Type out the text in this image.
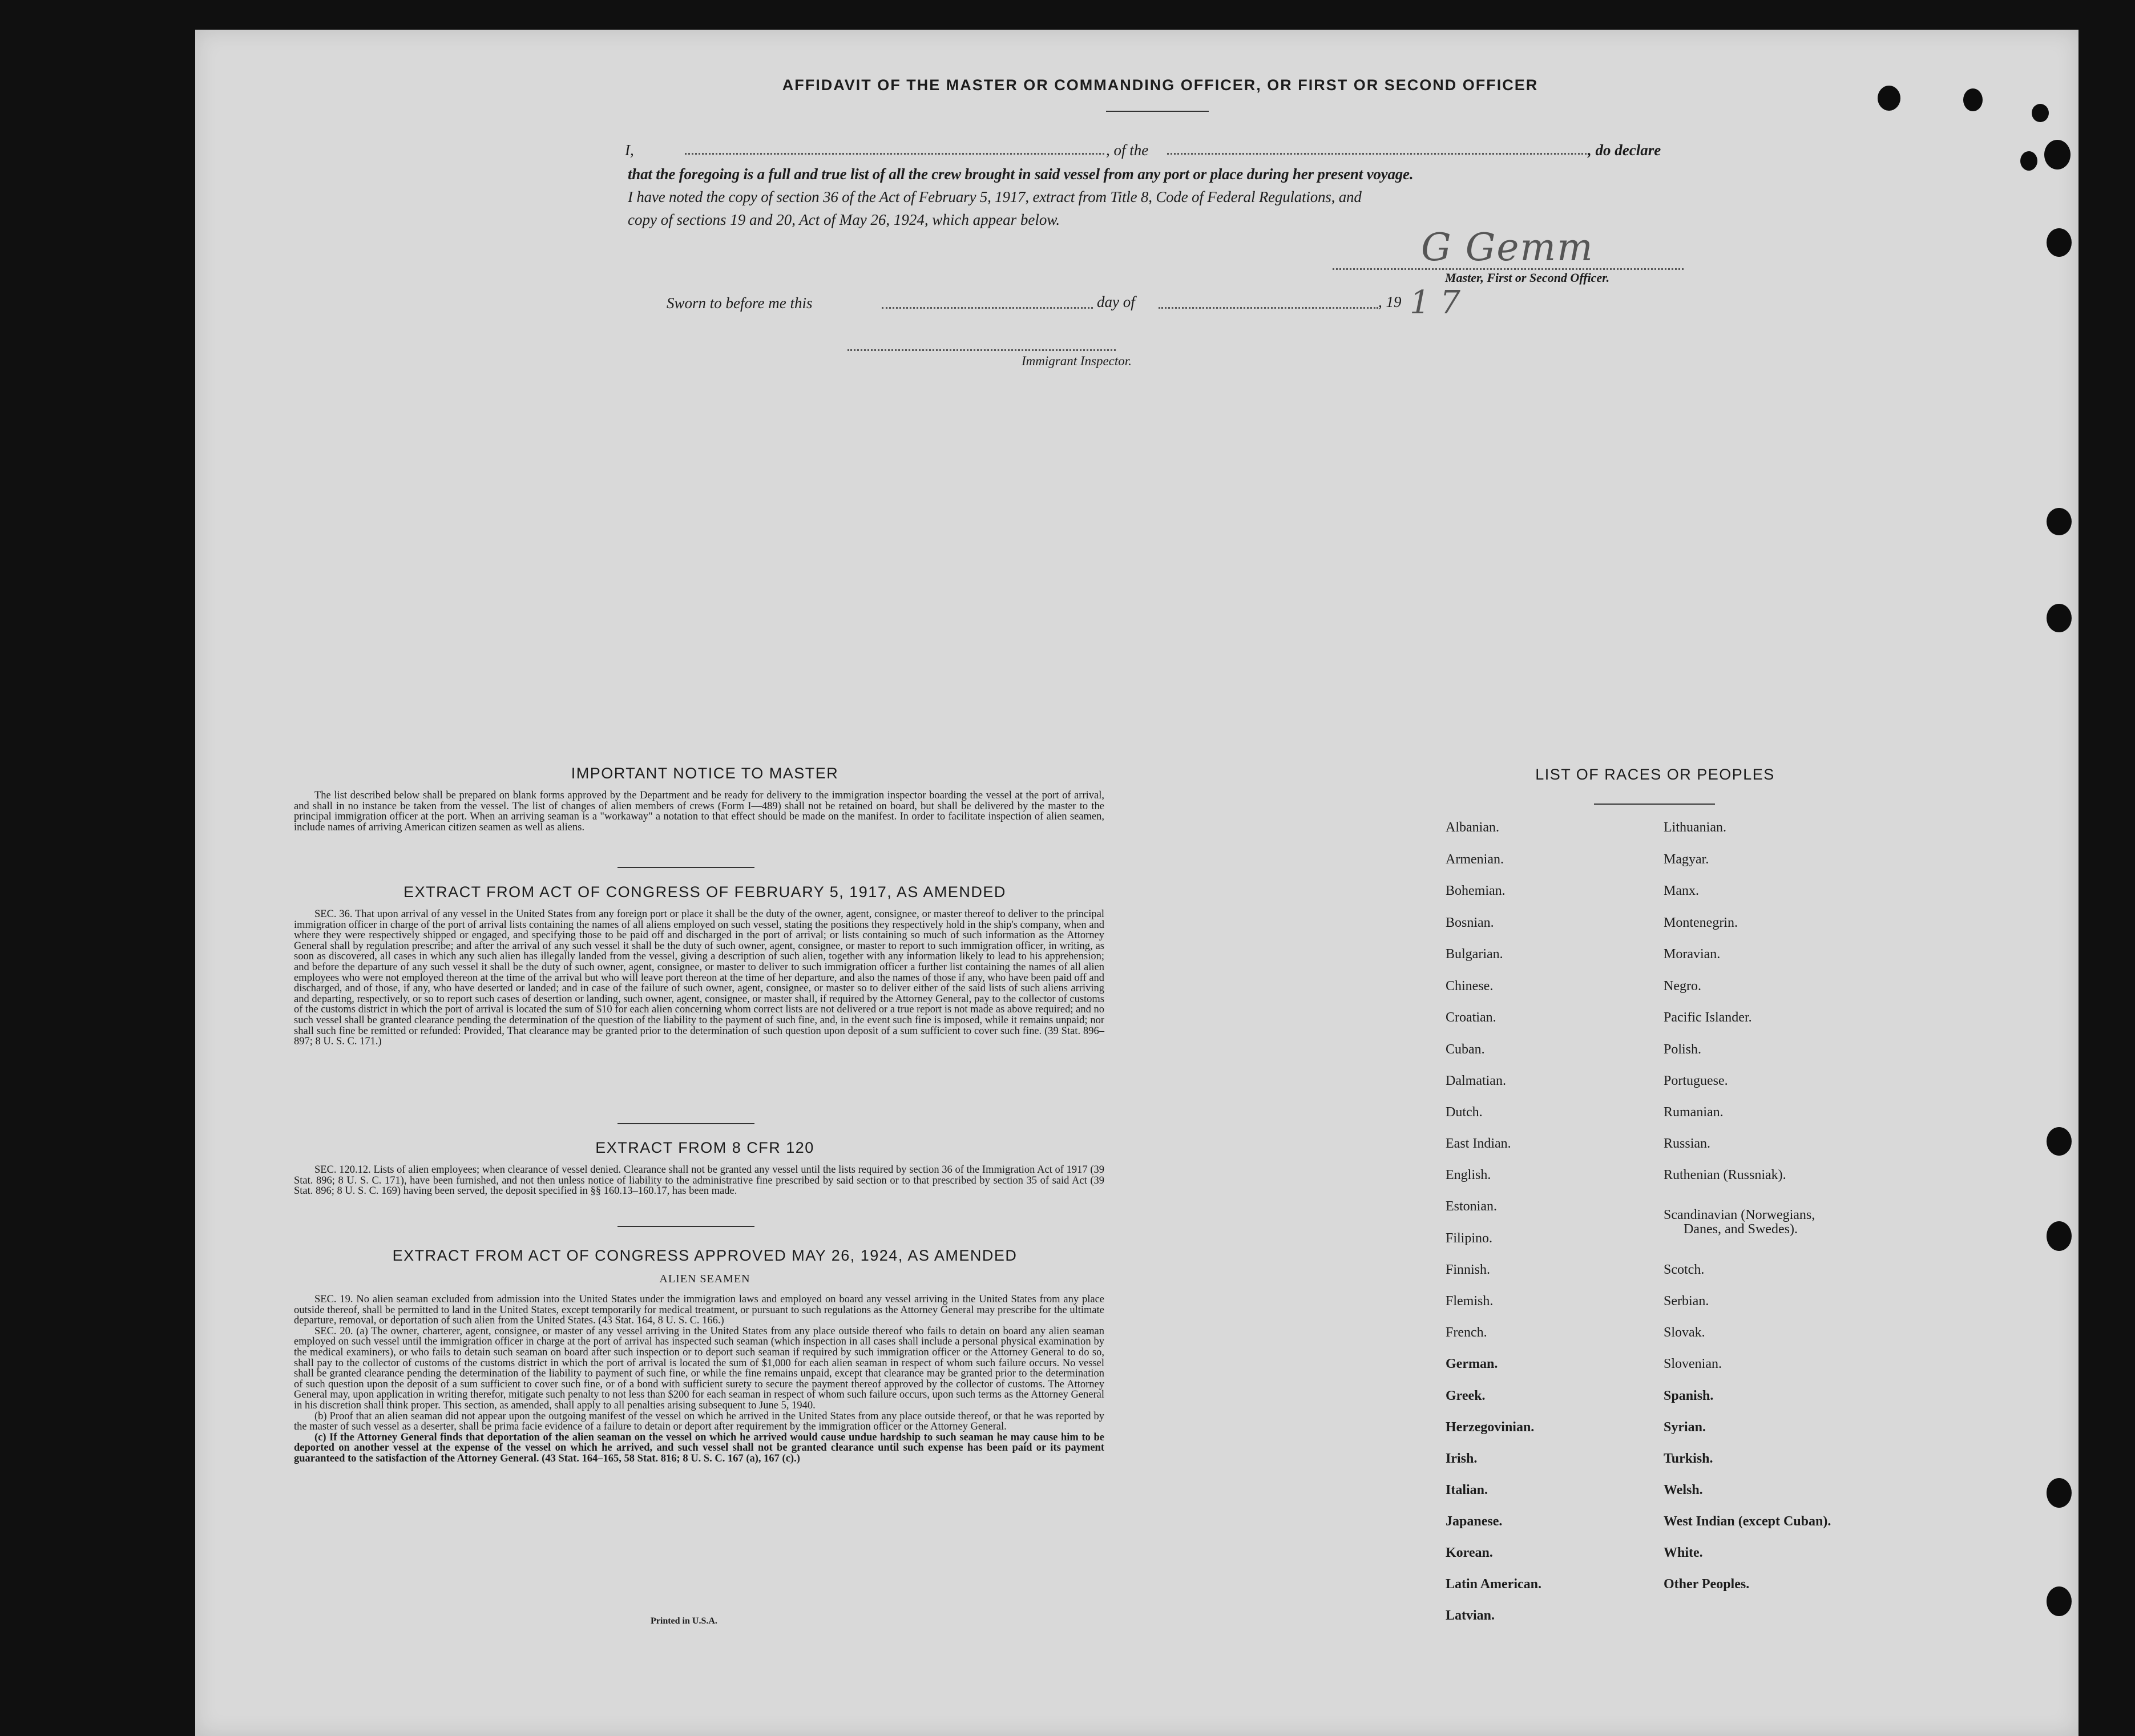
AFFIDAVIT OF THE MASTER OR COMMANDING OFFICER, OR FIRST OR SECOND OFFICER
I,	, of the	, do declare
that the foregoing is a full and true list of all the crew brought in said vessel from any port or place during her present voyage.
I have noted the copy of section 36 of the Act of February 5, 1917, extract from Title 8, Code of Federal Regulations, and
copy of sections 19 and 20, Act of May 26, 1924, which appear below.
G Gemm
Master, First or Second Officer.
Sworn to before me this	day of	, 19 1 7
Immigrant Inspector.
IMPORTANT NOTICE TO MASTER

The list described below shall be prepared on blank forms approved by the Department and be ready for delivery to the immigration inspector boarding the vessel at the port of arrival, and shall in no instance be taken from the vessel. The list of changes of alien members of crews (Form I—489) shall not be retained on board, but shall be delivered by the master to the principal immigration officer at the port. When an arriving seaman is a "workaway" a notation to that effect should be made on the manifest. In order to facilitate inspection of alien seamen, include names of arriving American citizen seamen as well as aliens.

EXTRACT FROM ACT OF CONGRESS OF FEBRUARY 5, 1917, AS AMENDED

SEC. 36. That upon arrival of any vessel in the United States from any foreign port or place it shall be the duty of the owner, agent, consignee, or master thereof to deliver to the principal immigration officer in charge of the port of arrival lists containing the names of all aliens employed on such vessel, stating the positions they respectively hold in the ship's company, when and where they were respectively shipped or engaged, and specifying those to be paid off and discharged in the port of arrival; or lists containing so much of such information as the Attorney General shall by regulation prescribe; and after the arrival of any such vessel it shall be the duty of such owner, agent, consignee, or master to report to such immigration officer, in writing, as soon as discovered, all cases in which any such alien has illegally landed from the vessel, giving a description of such alien, together with any information likely to lead to his apprehension; and before the departure of any such vessel it shall be the duty of such owner, agent, consignee, or master to deliver to such immigration officer a further list containing the names of all alien employees who were not employed thereon at the time of the arrival but who will leave port thereon at the time of her departure, and also the names of those if any, who have been paid off and discharged, and of those, if any, who have deserted or landed; and in case of the failure of such owner, agent, consignee, or master so to deliver either of the said lists of such aliens arriving and departing, respectively, or so to report such cases of desertion or landing, such owner, agent, consignee, or master shall, if required by the Attorney General, pay to the collector of customs of the customs district in which the port of arrival is located the sum of $10 for each alien concerning whom correct lists are not delivered or a true report is not made as above required; and no such vessel shall be granted clearance pending the determination of the question of the liability to the payment of such fine, and, in the event such fine is imposed, while it remains unpaid; nor shall such fine be remitted or refunded: Provided, That clearance may be granted prior to the determination of such question upon deposit of a sum sufficient to cover such fine. (39 Stat. 896–897; 8 U. S. C. 171.)

EXTRACT FROM 8 CFR 120

SEC. 120.12. Lists of alien employees; when clearance of vessel denied. Clearance shall not be granted any vessel until the lists required by section 36 of the Immigration Act of 1917 (39 Stat. 896; 8 U. S. C. 171), have been furnished, and not then unless notice of liability to the administrative fine prescribed by said section or to that prescribed by section 35 of said Act (39 Stat. 896; 8 U. S. C. 169) having been served, the deposit specified in §§ 160.13–160.17, has been made.

EXTRACT FROM ACT OF CONGRESS APPROVED MAY 26, 1924, AS AMENDED
ALIEN SEAMEN

SEC. 19. No alien seaman excluded from admission into the United States under the immigration laws and employed on board any vessel arriving in the United States from any place outside thereof, shall be permitted to land in the United States, except temporarily for medical treatment, or pursuant to such regulations as the Attorney General may prescribe for the ultimate departure, removal, or deportation of such alien from the United States. (43 Stat. 164, 8 U. S. C. 166.)

SEC. 20. (a) The owner, charterer, agent, consignee, or master of any vessel arriving in the United States from any place outside thereof who fails to detain on board any alien seaman employed on such vessel until the immigration officer in charge at the port of arrival has inspected such seaman (which inspection in all cases shall include a personal physical examination by the medical examiners), or who fails to detain such seaman on board after such inspection or to deport such seaman if required by such immigration officer or the Attorney General to do so, shall pay to the collector of customs of the customs district in which the port of arrival is located the sum of $1,000 for each alien seaman in respect of whom such failure occurs. No vessel shall be granted clearance pending the determination of the liability to payment of such fine, or while the fine remains unpaid, except that clearance may be granted prior to the determination of such question upon the deposit of a sum sufficient to cover such fine, or of a bond with sufficient surety to secure the payment thereof approved by the collector of customs. The Attorney General may, upon application in writing therefor, mitigate such penalty to not less than $200 for each seaman in respect of whom such failure occurs, upon such terms as the Attorney General in his discretion shall think proper. This section, as amended, shall apply to all penalties arising subsequent to June 5, 1940.

(b) Proof that an alien seaman did not appear upon the outgoing manifest of the vessel on which he arrived in the United States from any place outside thereof, or that he was reported by the master of such vessel as a deserter, shall be prima facie evidence of a failure to detain or deport after requirement by the immigration officer or the Attorney General.

(c) If the Attorney General finds that deportation of the alien seaman on the vessel on which he arrived would cause undue hardship to such seaman he may cause him to be deported on another vessel at the expense of the vessel on which he arrived, and such vessel shall not be granted clearance until such expense has been paid or its payment guaranteed to the satisfaction of the Attorney General. (43 Stat. 164–165, 58 Stat. 816; 8 U. S. C. 167 (a), 167 (c).)

Printed in U.S.A.
LIST OF RACES OR PEOPLES
Albanian.
Armenian.
Bohemian.
Bosnian.
Bulgarian.
Chinese.
Croatian.
Cuban.
Dalmatian.
Dutch.
East Indian.
English.
Estonian.
Filipino.
Finnish.
Flemish.
French.
German.
Greek.
Herzegovinian.
Irish.
Italian.
Japanese.
Korean.
Latin American.
Latvian.
Lithuanian.
Magyar.
Manx.
Montenegrin.
Moravian.
Negro.
Pacific Islander.
Polish.
Portuguese.
Rumanian.
Russian.
Ruthenian (Russniak).
Scandinavian (Norwegians,
Danes, and Swedes).
Scotch.
Serbian.
Slovak.
Slovenian.
Spanish.
Syrian.
Turkish.
Welsh.
West Indian (except Cuban).
White.
Other Peoples.
